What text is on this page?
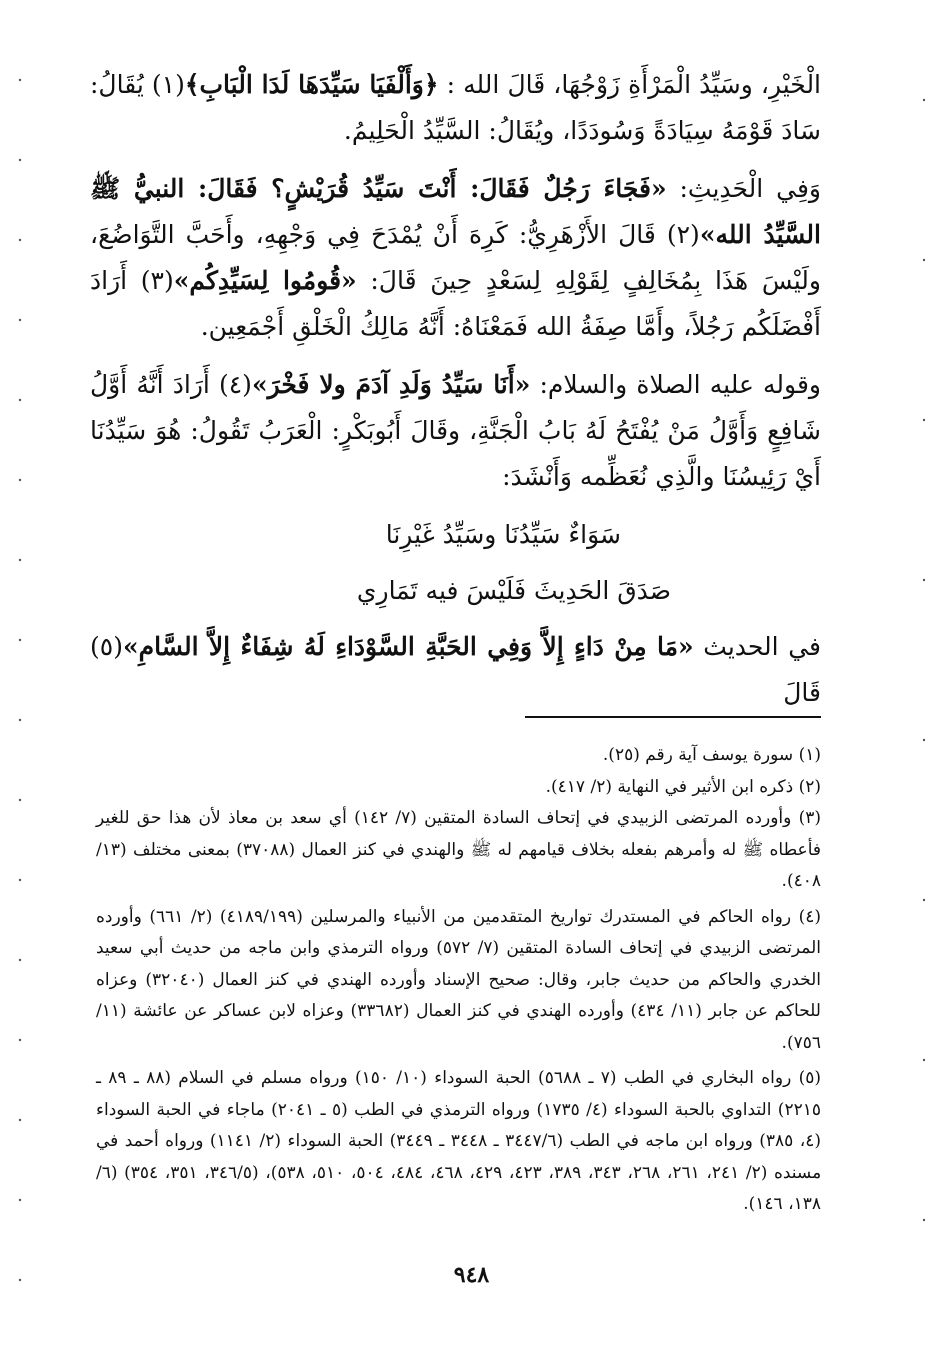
الْخَيْرِ، وسَيِّدُ الْمَرْأَةِ زَوْجُهَا، قَالَ الله : ﴿وَأَلْفَيَا سَيِّدَهَا لَدَا الْبَابِ﴾(١) يُقَالُ: سَادَ قَوْمَهُ سِيَادَةً وَسُودَدًا، ويُقَالُ: السَّيِّدُ الْحَلِيمُ.

وَفِي الْحَدِيثِ: «فَجَاءَ رَجُلٌ فَقَالَ: أَنْتَ سَيِّدُ قُرَيْشٍ؟ فَقَالَ: النبيُّ ﷺ السَّيِّدُ الله»(٢) قَالَ الأَزْهَرِيُّ: كَرِهَ أَنْ يُمْدَحَ فِي وَجْهِهِ، وأَحَبَّ التَّوَاضُعَ، ولَيْسَ هَذَا بِمُخَالِفٍ لِقَوْلِهِ لِسَعْدٍ حِينَ قَالَ: «قُومُوا لِسَيِّدِكُم»(٣) أَرَادَ أَفْضَلَكُم رَجُلاً، وأَمَّا صِفَةُ الله فَمَعْنَاهُ: أَنَّهُ مَالِكُ الْخَلْقِ أَجْمَعِين.

وقوله عليه الصلاة والسلام: «أَنَا سَيِّدُ وَلَدِ آدَمَ ولا فَخْرَ»(٤) أَرَادَ أَنَّهُ أَوَّلُ شَافِعٍ وَأَوَّلُ مَنْ يُفْتَحُ لَهُ بَابُ الْجَنَّةِ، وقَالَ أَبُوبَكْرٍ: الْعَرَبُ تَقُولُ: هُوَ سَيِّدُنَا أَيْ رَئِيسُنَا والَّذِي نُعَظِّمه وَأَنْشَدَ:

سَوَاءٌ سَيِّدُنَا وسَيِّدُ غَيْرِنَا

صَدَقَ الحَدِيثَ فَلَيْسَ فيه تَمَارِي

في الحديث «مَا مِنْ دَاءٍ إِلاَّ وَفِي الحَبَّةِ السَّوْدَاءِ لَهُ شِفَاءٌ إِلاَّ السَّامِ»(٥) قَالَ

(١) سورة يوسف آية رقم (٢٥).

(٢) ذكره ابن الأثير في النهاية (٢/ ٤١٧).

(٣) وأورده المرتضى الزبيدي في إتحاف السادة المتقين (٧/ ١٤٢) أي سعد بن معاذ لأن هذا حق للغير فأعطاه ﷺ له وأمرهم بفعله بخلاف قيامهم له ﷺ والهندي في كنز العمال (٣٧٠٨٨) بمعنى مختلف (١٣/ ٤٠٨).

(٤) رواه الحاكم في المستدرك تواريخ المتقدمين من الأنبياء والمرسلين (٤١٨٩/١٩٩) (٢/ ٦٦١) وأورده المرتضى الزبيدي في إتحاف السادة المتقين (٧/ ٥٧٢) ورواه الترمذي وابن ماجه من حديث أبي سعيد الخدري والحاكم من حديث جابر، وقال: صحيح الإسناد وأورده الهندي في كنز العمال (٣٢٠٤٠) وعزاه للحاكم عن جابر (١١/ ٤٣٤) وأورده الهندي في كنز العمال (٣٣٦٨٢) وعزاه لابن عساكر عن عائشة (١١/ ٧٥٦).

(٥) رواه البخاري في الطب (٧ ـ ٥٦٨٨) الحبة السوداء (١٠/ ١٥٠) ورواه مسلم في السلام (٨٨ ـ ٨٩ ـ ٢٢١٥) التداوي بالحبة السوداء (٤/ ١٧٣٥) ورواه الترمذي في الطب (٥ ـ ٢٠٤١) ماجاء في الحبة السوداء (٤، ٣٨٥) ورواه ابن ماجه في الطب (٣٤٤٧/٦ ـ ٣٤٤٨ ـ ٣٤٤٩) الحبة السوداء (٢/ ١١٤١) ورواه أحمد في مسنده (٢/ ٢٤١، ٢٦١، ٢٦٨، ٣٤٣، ٣٨٩، ٤٢٣، ٤٢٩، ٤٦٨، ٤٨٤، ٥٠٤، ٥١٠، ٥٣٨)، (٣٤٦/٥، ٣٥١، ٣٥٤) (٦/ ١٣٨، ١٤٦).

٩٤٨
